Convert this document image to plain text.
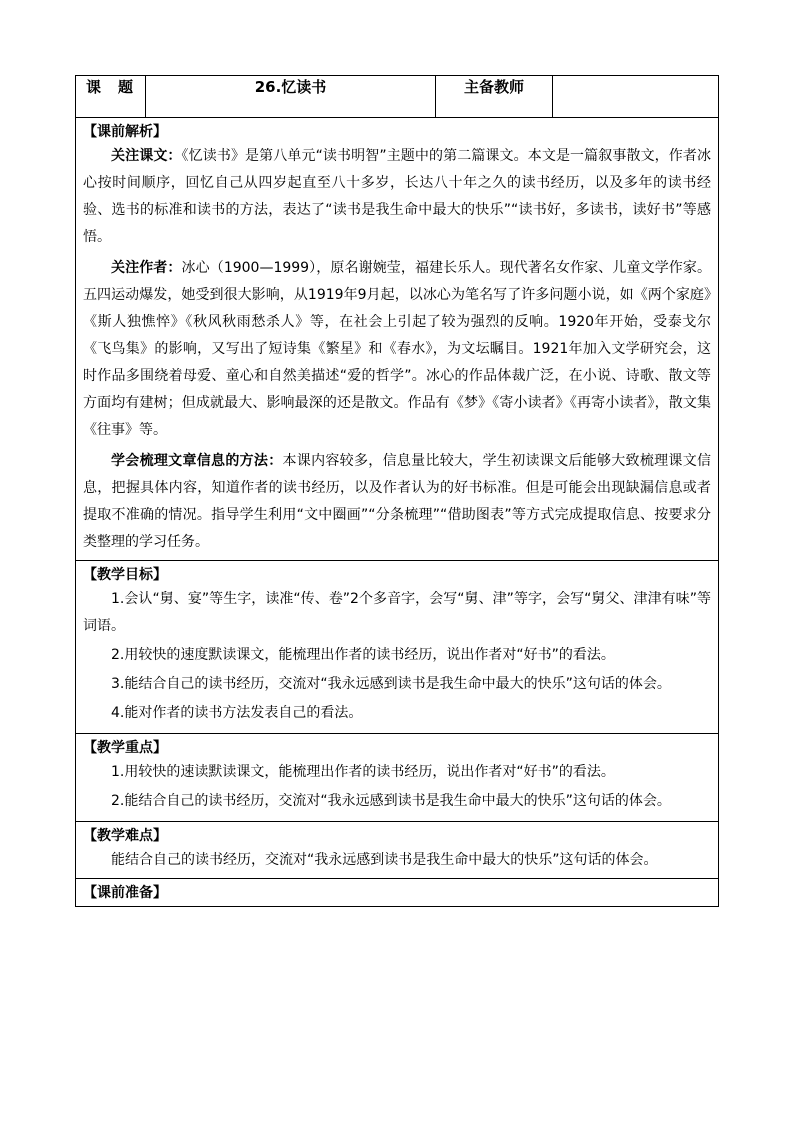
课　题	26.忆读书	主备教师	

【课前解析】

关注课文：《忆读书》是第八单元“读书明智”主题中的第二篇课文。本文是一篇叙事散文，作者冰心按时间顺序，回忆自己从四岁起直至八十多岁，长达八十年之久的读书经历，以及多年的读书经验、选书的标准和读书的方法，表达了“读书是我生命中最大的快乐”“读书好，多读书，读好书”等感悟。

关注作者：冰心（1900—1999），原名谢婉莹，福建长乐人。现代著名女作家、儿童文学作家。五四运动爆发，她受到很大影响，从1919年9月起，以冰心为笔名写了许多问题小说，如《两个家庭》《斯人独憔悴》《秋风秋雨愁杀人》等，在社会上引起了较为强烈的反响。1920年开始，受泰戈尔《飞鸟集》的影响，又写出了短诗集《繁星》和《春水》，为文坛瞩目。1921年加入文学研究会，这时作品多围绕着母爱、童心和自然美描述“爱的哲学”。冰心的作品体裁广泛，在小说、诗歌、散文等方面均有建树；但成就最大、影响最深的还是散文。作品有《梦》《寄小读者》《再寄小读者》，散文集《往事》等。

学会梳理文章信息的方法：本课内容较多，信息量比较大，学生初读课文后能够大致梳理课文信息，把握具体内容，知道作者的读书经历，以及作者认为的好书标准。但是可能会出现缺漏信息或者提取不准确的情况。指导学生利用“文中圈画”“分条梳理”“借助图表”等方式完成提取信息、按要求分类整理的学习任务。

【教学目标】

1.会认“舅、宴”等生字，读准“传、卷”2个多音字，会写“舅、津”等字，会写“舅父、津津有味”等词语。

2.用较快的速度默读课文，能梳理出作者的读书经历，说出作者对“好书”的看法。

3.能结合自己的读书经历，交流对“我永远感到读书是我生命中最大的快乐”这句话的体会。

4.能对作者的读书方法发表自己的看法。

【教学重点】

1.用较快的速读默读课文，能梳理出作者的读书经历，说出作者对“好书”的看法。

2.能结合自己的读书经历，交流对“我永远感到读书是我生命中最大的快乐”这句话的体会。

【教学难点】

能结合自己的读书经历，交流对“我永远感到读书是我生命中最大的快乐”这句话的体会。

【课前准备】
